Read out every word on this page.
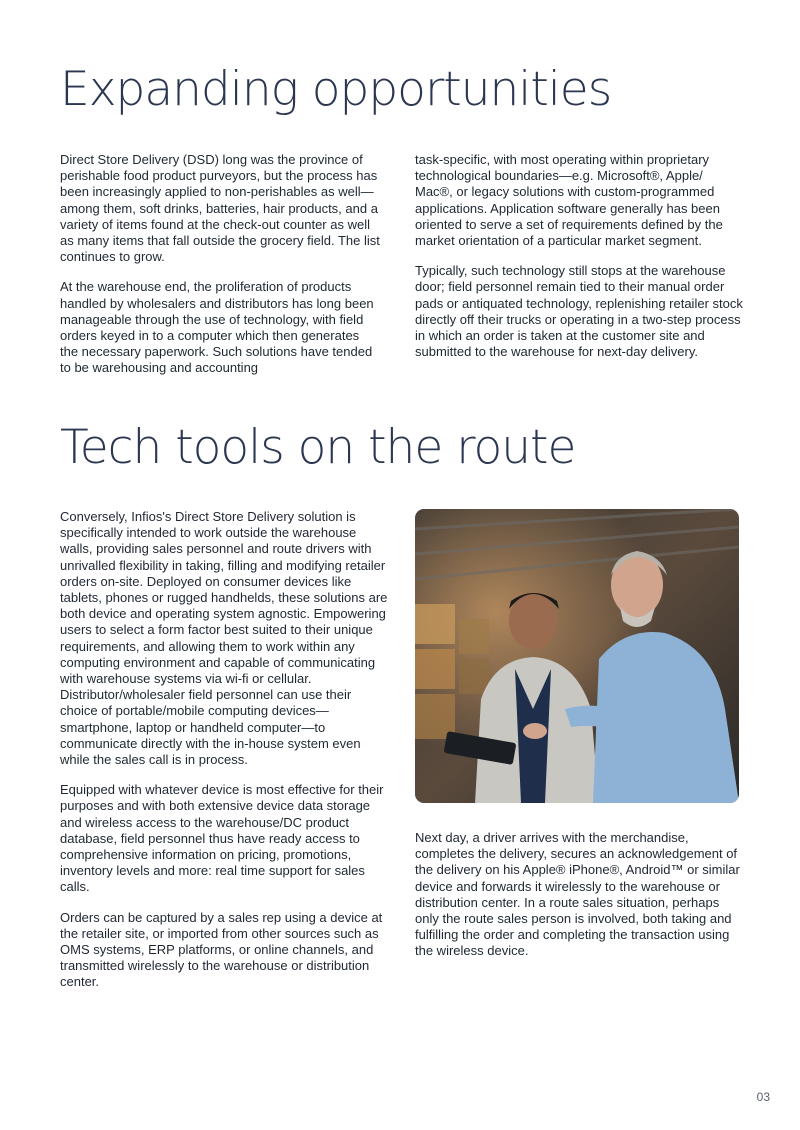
Expanding opportunities

Direct Store Delivery (DSD) long was the province of perishable food product purveyors, but the process has been increasingly applied to non-perishables as well—among them, soft drinks, batteries, hair products, and a variety of items found at the check-out counter as well as many items that fall outside the grocery field. The list continues to grow.

At the warehouse end, the proliferation of products handled by wholesalers and distributors has long been manageable through the use of technology, with field orders keyed in to a computer which then generates the necessary paperwork. Such solutions have tended to be warehousing and accounting

task-specific, with most operating within proprietary technological boundaries—e.g. Microsoft®, Apple/ Mac®, or legacy solutions with custom-programmed applications. Application software generally has been oriented to serve a set of requirements defined by the market orientation of a particular market segment.

Typically, such technology still stops at the warehouse door; field personnel remain tied to their manual order pads or antiquated technology, replenishing retailer stock directly off their trucks or operating in a two-step process in which an order is taken at the customer site and submitted to the warehouse for next-day delivery.

Tech tools on the route

Conversely, Infios's Direct Store Delivery solution is specifically intended to work outside the warehouse walls, providing sales personnel and route drivers with unrivalled flexibility in taking, filling and modifying retailer orders on-site. Deployed on consumer devices like tablets, phones or rugged handhelds, these solutions are both device and operating system agnostic. Empowering users to select a form factor best suited to their unique requirements, and allowing them to work within any computing environment and capable of communicating with warehouse systems via wi-fi or cellular. Distributor/wholesaler field personnel can use their choice of portable/mobile computing devices—smartphone, laptop or handheld computer—to communicate directly with the in-house system even while the sales call is in process.

Equipped with whatever device is most effective for their purposes and with both extensive device data storage and wireless access to the warehouse/DC product database, field personnel thus have ready access to comprehensive information on pricing, promotions, inventory levels and more: real time support for sales calls.

Orders can be captured by a sales rep using a device at the retailer site, or imported from other sources such as OMS systems, ERP platforms, or online channels, and transmitted wirelessly to the warehouse or distribution center.

Next day, a driver arrives with the merchandise, completes the delivery, secures an acknowledgement of the delivery on his Apple® iPhone®, Android™ or similar device and forwards it wirelessly to the warehouse or distribution center. In a route sales situation, perhaps only the route sales person is involved, both taking and fulfilling the order and completing the transaction using the wireless device.

03
